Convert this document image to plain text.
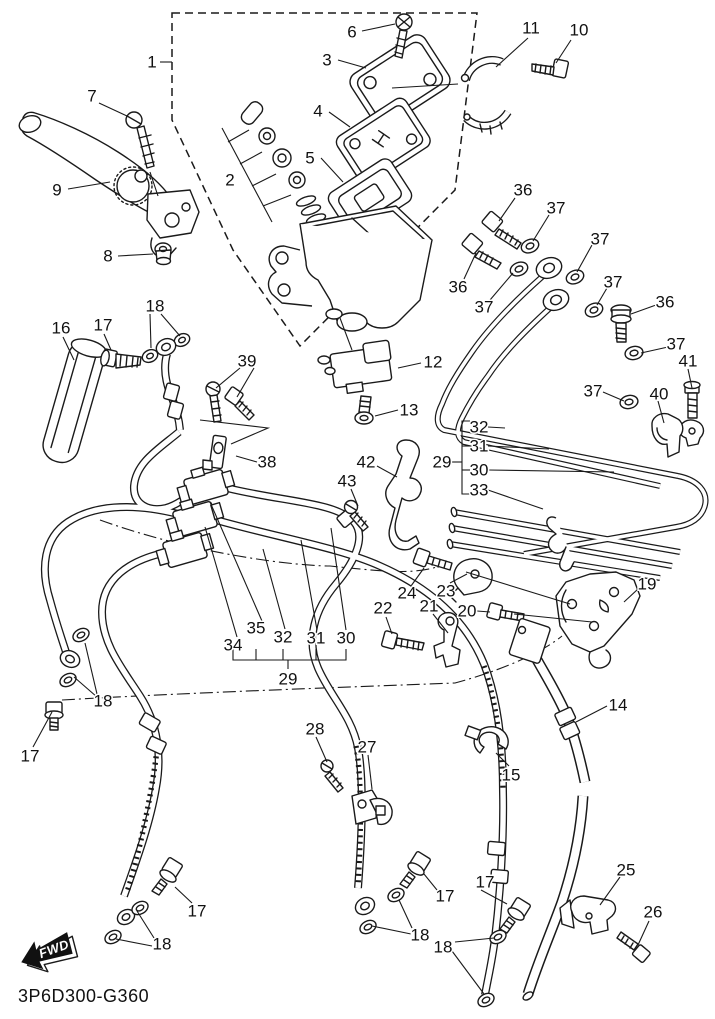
1
2
3
4
5
6
7
8
9
10
11
12
13
14
15
16 17
18
36
37
37
36
37
37
36
37
41
40
37
39
38	42
43
29
32
31
30
33
24 23
22 21 20
19
35
34 32 31 30
29
28
27
18
17
17
18
17
18
17
18
25
26
FWD
3P6D300-G360
